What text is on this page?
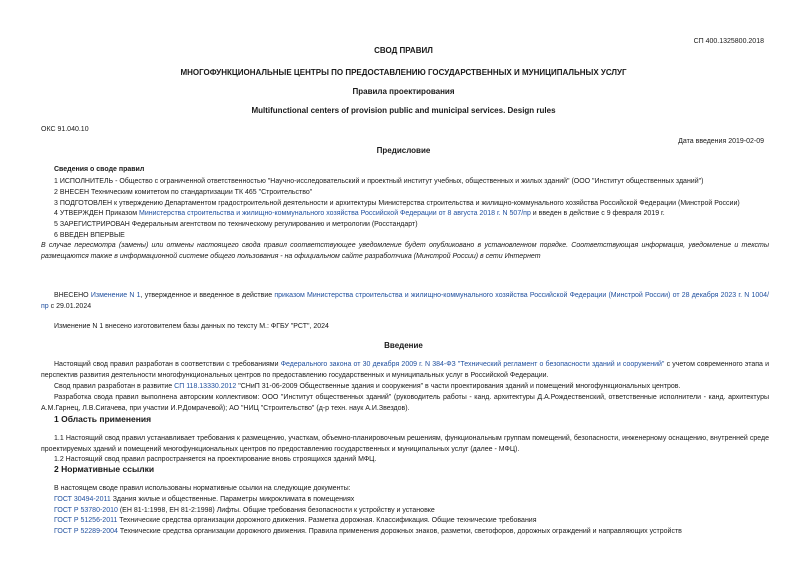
СП 400.1325800.2018
СВОД ПРАВИЛ
МНОГОФУНКЦИОНАЛЬНЫЕ ЦЕНТРЫ ПО ПРЕДОСТАВЛЕНИЮ ГОСУДАРСТВЕННЫХ И МУНИЦИПАЛЬНЫХ УСЛУГ
Правила проектирования
Multifunctional centers of provision public and municipal services. Design rules
ОКС 91.040.10
Дата введения 2019-02-09
Предисловие
Сведения о своде правил
1 ИСПОЛНИТЕЛЬ - Общество с ограниченной ответственностью "Научно-исследовательский и проектный институт учебных, общественных и жилых зданий" (ООО "Институт общественных зданий")
2 ВНЕСЕН Техническим комитетом по стандартизации ТК 465 "Строительство"
3 ПОДГОТОВЛЕН к утверждению Департаментом градостроительной деятельности и архитектуры Министерства строительства и жилищно-коммунального хозяйства Российской Федерации (Минстрой России)
4 УТВЕРЖДЕН Приказом Министерства строительства и жилищно-коммунального хозяйства Российской Федерации от 8 августа 2018 г. N 507/пр и введен в действие с 9 февраля 2019 г.
5 ЗАРЕГИСТРИРОВАН Федеральным агентством по техническому регулированию и метрологии (Росстандарт)
6 ВВЕДЕН ВПЕРВЫЕ
В случае пересмотра (замены) или отмены настоящего свода правил соответствующее уведомление будет опубликовано в установленном порядке. Соответствующая информация, уведомление и тексты размещаются также в информационной системе общего пользования - на официальном сайте разработчика (Минстрой России) в сети Интернет
ВНЕСЕНО Изменение N 1, утвержденное и введенное в действие приказом Министерства строительства и жилищно-коммунального хозяйства Российской Федерации (Минстрой России) от 28 декабря 2023 г. N 1004/пр с 29.01.2024
Изменение N 1 внесено изготовителем базы данных по тексту М.: ФГБУ "РСТ", 2024
Введение
Настоящий свод правил разработан в соответствии с требованиями Федерального закона от 30 декабря 2009 г. N 384-ФЗ "Технический регламент о безопасности зданий и сооружений" с учетом современного этапа и перспектив развития деятельности многофункциональных центров по предоставлению государственных и муниципальных услуг в Российской Федерации.
Свод правил разработан в развитие СП 118.13330.2012 "СНиП 31-06-2009 Общественные здания и сооружения" в части проектирования зданий и помещений многофункциональных центров.
Разработка свода правил выполнена авторским коллективом: ООО "Институт общественных зданий" (руководитель работы - канд. архитектуры Д.А.Рождественский, ответственные исполнители - канд. архитектуры А.М.Гарнец, Л.В.Сигачева, при участии И.Р.Домрачевой); АО "НИЦ "Строительство" (д-р техн. наук А.И.Звездов).
1 Область применения
1.1 Настоящий свод правил устанавливает требования к размещению, участкам, объемно-планировочным решениям, функциональным группам помещений, безопасности, инженерному оснащению, внутренней среде проектируемых зданий и помещений многофункциональных центров по предоставлению государственных и муниципальных услуг (далее - МФЦ).
1.2 Настоящий свод правил распространяется на проектирование вновь строящихся зданий МФЦ.
2 Нормативные ссылки
В настоящем своде правил использованы нормативные ссылки на следующие документы:
ГОСТ 30494-2011 Здания жилые и общественные. Параметры микроклимата в помещениях
ГОСТ Р 53780-2010 (ЕН 81-1:1998, ЕН 81-2:1998) Лифты. Общие требования безопасности к устройству и установке
ГОСТ Р 51256-2011 Технические средства организации дорожного движения. Разметка дорожная. Классификация. Общие технические требования
ГОСТ Р 52289-2004 Технические средства организации дорожного движения. Правила применения дорожных знаков, разметки, светофоров, дорожных ограждений и направляющих устройств
